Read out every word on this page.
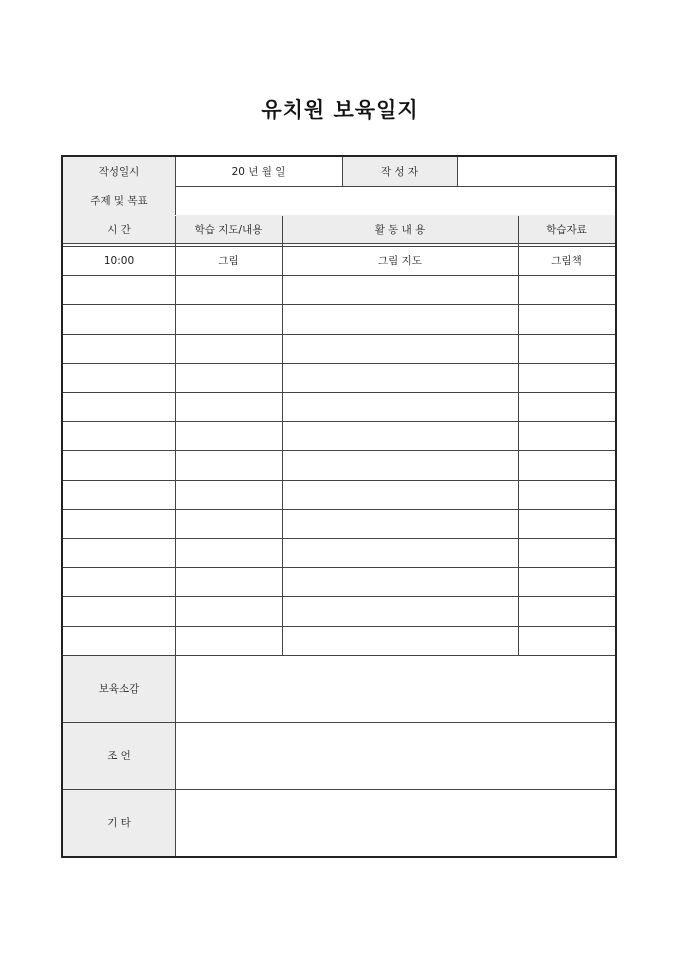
유치원 보육일지
작성일시	20 년 월 일	작 성 자
주제 및 목표
시 간	학습 지도/내용	활 동 내 용	학습자료
10:00	그림	그림 지도	그림책
보육소감
조 언
기 타
